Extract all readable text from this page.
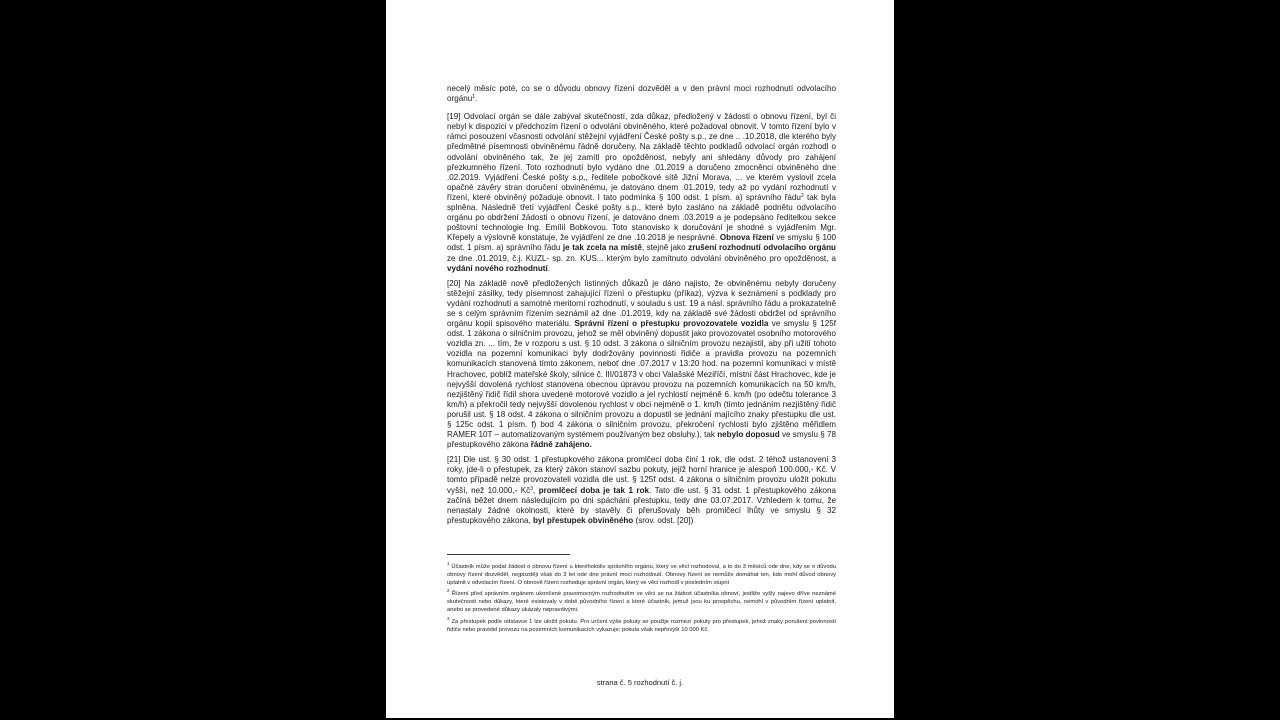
necelý měsíc poté, co se o důvodu obnovy řízení dozvěděl a v den právní moci rozhodnutí odvolacího orgánu$^1$.

[19] Odvolací orgán se dále zabýval skutečností, zda důkaz, předložený v žádosti o obnovu řízení, byl či nebyl k dispozici v předchozím řízení o odvolání obviněného, které požadoval obnovit. V tomto řízení bylo v rámci posouzení včasnosti odvolání stěžejní vyjádření České pošty s.p., ze dne .. .10.2018, dle kterého byly předmětné písemnosti obviněnému řádně doručeny. Na základě těchto podkladů odvolací orgán rozhodl o odvolání obviněného tak, že jej zamítl pro opožděnost, nebyly ani shledány důvody pro zahájení přezkumného řízení. Toto rozhodnutí bylo vydáno dne .01.2019 a doručeno zmocněnci obviněného dne .02.2019. Vyjádření České pošty s.p., ředitele pobočkové sítě Jižní Morava, ... ve kterém vyslovil zcela opačné závěry stran doručení obviněnému, je datováno dnem .01.2019, tedy až po vydání rozhodnutí v řízení, které obviněný požaduje obnovit. I tato podmínka § 100 odst. 1 písm. a) správního řádu$^2$ tak byla splněna. Následně třetí vyjádření České pošty s.p., které bylo zasláno na základě podnětu odvolacího orgánu po obdržení žádosti o obnovu řízení, je datováno dnem .03.2019 a je podepsáno ředitelkou sekce poštovní technologie Ing. Emílií Bobkovou. Toto stanovisko k doručování je shodné s vyjádřením Mgr. Křepely a výslovně konstatuje, že vyjádření ze dne .10.2018 je nesprávné. Obnova řízení ve smyslu § 100 odst. 1 písm. a) správního řádu je tak zcela na místě, stejně jako zrušení rozhodnutí odvolacího orgánu ze dne .01.2019, č.j. KUZL- sp. zn. KUS... kterým bylo zamítnuto odvolání obviněného pro opožděnost, a vydání nového rozhodnutí.

[20] Na základě nově předložených listinných důkazů je dáno najisto, že obviněnému nebyly doručeny stěžejní zásilky, tedy písemnost zahajující řízení o přestupku (příkaz), výzva k seznámení s podklady pro vydání rozhodnutí a samotné meritorní rozhodnutí, v souladu s ust. 19 a násl. správního řádu a prokazatelně se s celým správním řízením seznámil až dne .01.2019, kdy na základě své žádosti obdržel od správního orgánu kopii spisového materiálu. Správní řízení o přestupku provozovatele vozidla ve smyslu § 125f odst. 1 zákona o silničním provozu, jehož se měl obviněný dopustit jako provozovatel osobního motorového vozidla zn. ... tím, že v rozporu s ust. § 10 odst. 3 zákona o silničním provozu nezajistil, aby při užití tohoto vozidla na pozemní komunikaci byly dodržovány povinnosti řidiče a pravidla provozu na pozemních komunikacích stanovená tímto zákonem, neboť dne .07.2017 v 13:20 hod. na pozemní komunikaci v místě Hrachovec, poblíž mateřské školy, silnice č. III/01873 v obci Valašské Meziříčí, místní část Hrachovec, kde je nejvyšší dovolená rychlost stanovena obecnou úpravou provozu na pozemních komunikacích na 50 km/h, nezjištěný řidič řídil shora uvedené motorové vozidlo a jel rychlostí nejméně 6. km/h (po odečtu tolerance 3 km/h) a překročil tedy nejvyšší dovolenou rychlost v obci nejméně o 1. km/h (tímto jednáním nezjištěný řidič porušil ust. § 18 odst. 4 zákona o silničním provozu a dopustil se jednání majícího znaky přestupku dle ust. § 125c odst. 1 písm. f) bod 4 zákona o silničním provozu, překročení rychlosti bylo zjištěno měřidlem RAMER 10T – automatizovaným systémem používaným bez obsluhy.), tak nebylo doposud ve smyslu § 78 přestupkového zákona řádně zahájeno.

[21] Dle ust. § 30 odst. 1 přestupkového zákona promlčecí doba činí 1 rok, dle odst. 2 téhož ustanovení 3 roky, jde-li o přestupek, za který zákon stanoví sazbu pokuty, jejíž horní hranice je alespoň 100.000,- Kč. V tomto případě nelze provozovateli vozidla dle ust. § 125f odst. 4 zákona o silničním provozu uložit pokutu vyšší, než 10.000,- $Kč^3$, promlčecí doba je tak 1 rok. Tato dle ust. § 31 odst. 1 přestupkového zákona začíná běžet dnem následujícím po dni spáchání přestupku, tedy dne 03.07.2017. Vzhledem k tomu, že nenastaly žádné okolnosti, které by stavěly či přerušovaly běh promlčecí lhůty ve smyslu § 32 přestupkového zákona, byl přestupek obviněného (srov. odst. [20])

$^1$ Účastník může podat žádost o obnovu řízení u kteréhokoliv správního orgánu, který ve věci rozhodoval, a to do 3 měsíců ode dne, kdy se o důvodu obnovy řízení dozvěděl, nejpozději však do 3 let ode dne právní moci rozhodnutí. Obnovy řízení se nemůže domáhat ten, kdo mohl důvod obnovy uplatnit v odvolacím řízení. O obnově řízení rozhoduje správní orgán, který ve věci rozhodl v posledním stupni

$^2$ Řízení před správním orgánem ukončené pravomocným rozhodnutím ve věci se na žádost účastníka obnoví, jestliže vyšly najevo dříve neznámé skutečnosti nebo důkazy, které existovaly v době původního řízení a které účastník, jemuž jsou ku prospěchu, nemohl v původním řízení uplatnit, anebo se provedené důkazy ukázaly nepravdivými.

$^3$ Za přestupek podle odstavce 1 lze uložit pokutu. Pro určení výše pokuty se použije rozmezí pokuty pro přestupek, jehož znaky porušení povinností řidiče nebo pravidel provozu na pozemních komunikacích vykazuje; pokuta však nepřevýší 10 000 Kč.

strana č. 5 rozhodnutí č. j.
